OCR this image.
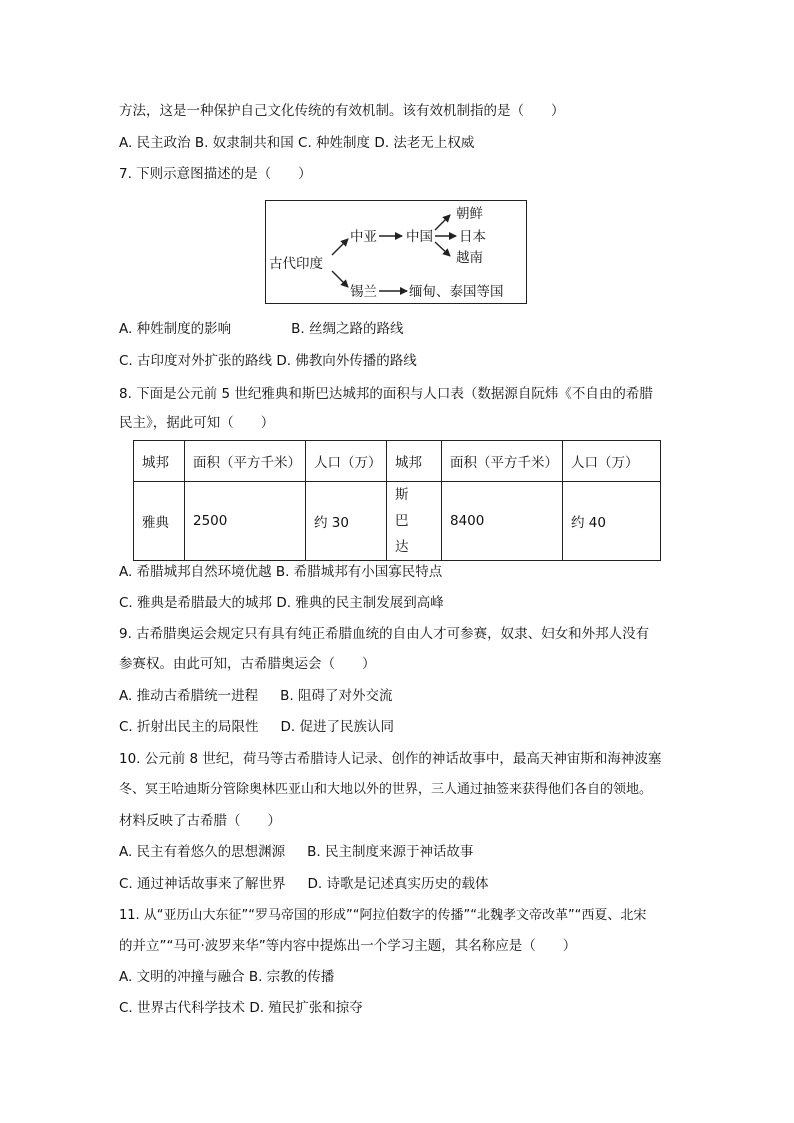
方法，这是一种保护自己文化传统的有效机制。该有效机制指的是（　　）
A. 民主政治 B. 奴隶制共和国 C. 种姓制度 D. 法老无上权威
7. 下则示意图描述的是（　　）
古代印度
中亚 中国
朝鲜
日本
越南
锡兰 缅甸、泰国等国
A. 种姓制度的影响	B. 丝绸之路的路线
C. 古印度对外扩张的路线 D. 佛教向外传播的路线
8. 下面是公元前 5 世纪雅典和斯巴达城邦的面积与人口表（数据源自阮炜《不自由的希腊
民主》，据此可知（　　）
城邦	面积（平方千米）	人口（万）	城邦	面积（平方千米）	人口（万）
雅典	2500	约 30	斯巴达	8400	约 40
A. 希腊城邦自然环境优越 B. 希腊城邦有小国寡民特点
C. 雅典是希腊最大的城邦 D. 雅典的民主制发展到高峰
9. 古希腊奥运会规定只有具有纯正希腊血统的自由人才可参赛，奴隶、妇女和外邦人没有
参赛权。由此可知，古希腊奥运会（　　）
A. 推动古希腊统一进程 B. 阻碍了对外交流
C. 折射出民主的局限性 D. 促进了民族认同
10. 公元前 8 世纪，荷马等古希腊诗人记录、创作的神话故事中，最高天神宙斯和海神波塞
冬、冥王哈迪斯分管除奥林匹亚山和大地以外的世界，三人通过抽签来获得他们各自的领地。
材料反映了古希腊（　　）
A. 民主有着悠久的思想渊源 B. 民主制度来源于神话故事
C. 通过神话故事来了解世界 D. 诗歌是记述真实历史的载体
11. 从“亚历山大东征”“罗马帝国的形成”“阿拉伯数字的传播”“北魏孝文帝改革”“西夏、北宋
的并立”“马可·波罗来华”等内容中提炼出一个学习主题，其名称应是（　　）
A. 文明的冲撞与融合 B. 宗教的传播
C. 世界古代科学技术 D. 殖民扩张和掠夺
